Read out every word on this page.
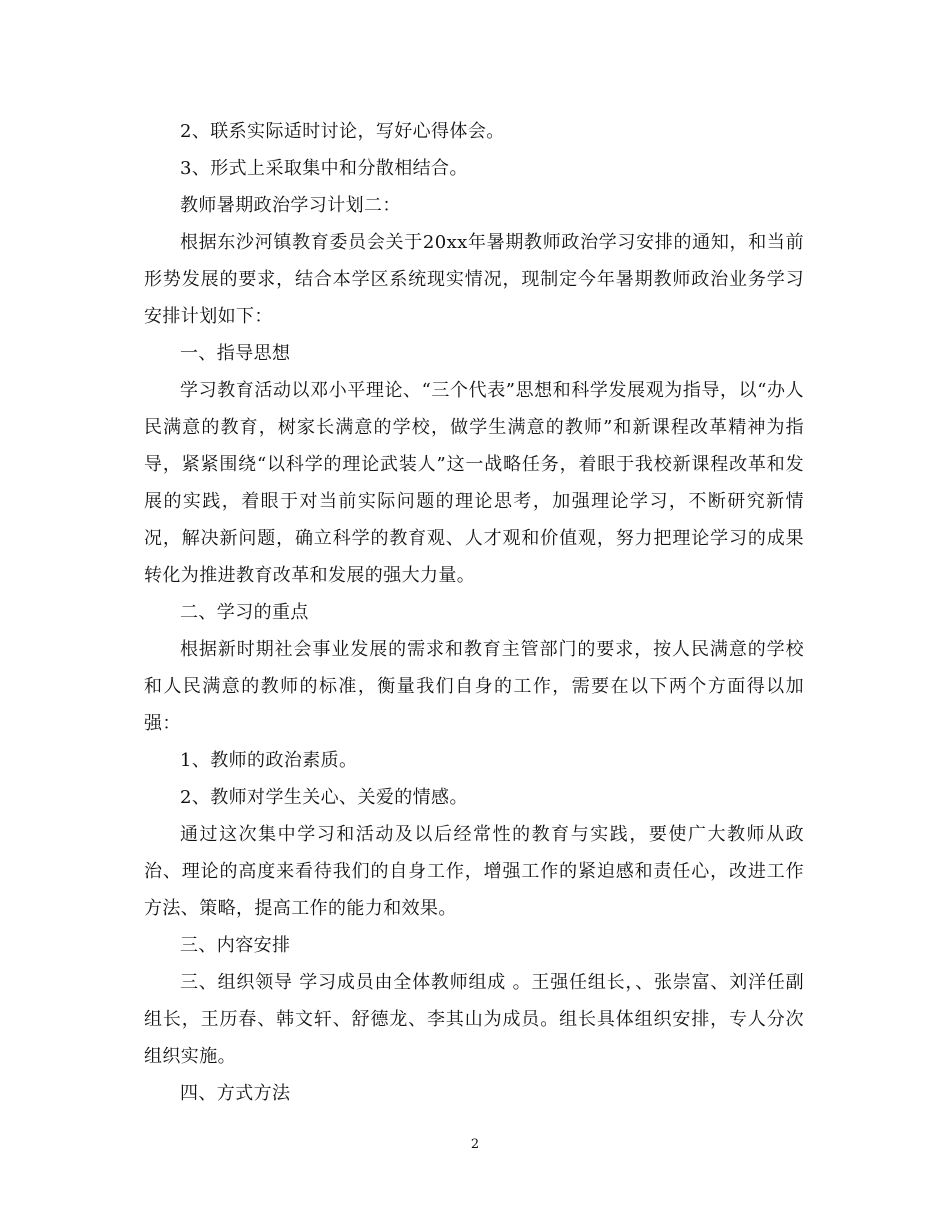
2、联系实际适时讨论，写好心得体会。

3、形式上采取集中和分散相结合。

教师暑期政治学习计划二：

根据东沙河镇教育委员会关于20xx年暑期教师政治学习安排的通知，和当前形势发展的要求，结合本学区系统现实情况，现制定今年暑期教师政治业务学习安排计划如下：

一、指导思想

学习教育活动以邓小平理论、“三个代表”思想和科学发展观为指导，以“办人民满意的教育，树家长满意的学校，做学生满意的教师”和新课程改革精神为指导，紧紧围绕“以科学的理论武装人”这一战略任务，着眼于我校新课程改革和发展的实践，着眼于对当前实际问题的理论思考，加强理论学习，不断研究新情况，解决新问题，确立科学的教育观、人才观和价值观，努力把理论学习的成果转化为推进教育改革和发展的强大力量。

二、学习的重点

根据新时期社会事业发展的需求和教育主管部门的要求，按人民满意的学校和人民满意的教师的标准，衡量我们自身的工作，需要在以下两个方面得以加强：

1、教师的政治素质。

2、教师对学生关心、关爱的情感。

通过这次集中学习和活动及以后经常性的教育与实践，要使广大教师从政治、理论的高度来看待我们的自身工作，增强工作的紧迫感和责任心，改进工作方法、策略，提高工作的能力和效果。

三、内容安排

三、组织领导 学习成员由全体教师组成 。王强任组长，、张崇富、刘洋任副组长，王历春、韩文轩、舒德龙、李其山为成员。组长具体组织安排，专人分次组织实施。

四、方式方法

2
